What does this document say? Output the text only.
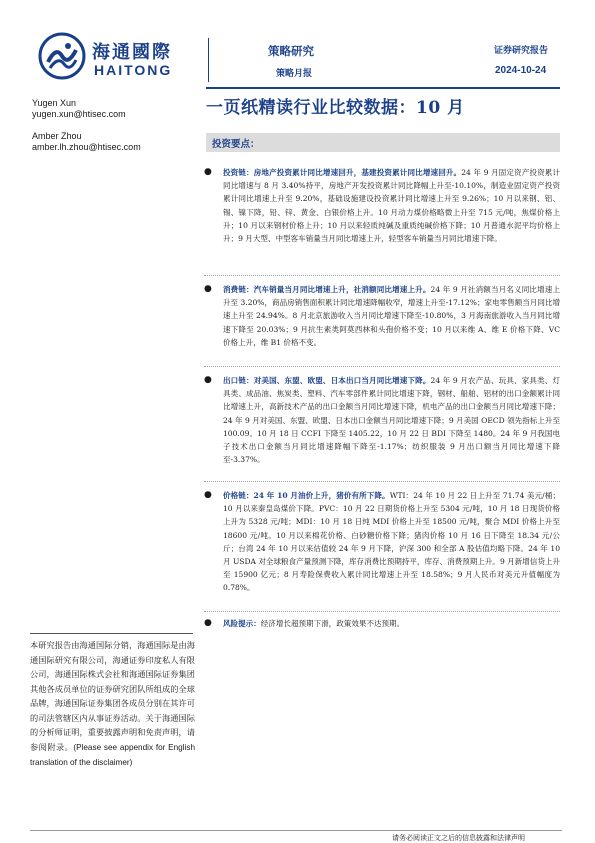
海通國際
HAITONG
策略研究
策略月报
证券研究报告
2024-10-24
Yugen Xun
yugen.xun@htisec.com
Amber Zhou
amber.lh.zhou@htisec.com
一页纸精读行业比较数据：10 月
投资要点：
● 投资链：房地产投资累计同比增速回升，基建投资累计同比增速回升。24 年 9 月固定资产投资累计同比增速与 8 月 3.40%持平，房地产开发投资累计同比降幅上升至-10.10%，制造业固定资产投资累计同比增速上升至 9.20%，基础设施建设投资累计同比增速上升至 9.26%；10 月以来钢、铝、锡、镍下降，铅、锌、黄金、白银价格上升。10 月动力煤价格略微上升至 715 元/吨，焦煤价格上升；10 月以来钢材价格上升；10 月以来轻质纯碱及重质纯碱价格下降；10 月普通水泥平均价格上升；9 月大型、中型客车销量当月同比增速上升，轻型客车销量当月同比增速下降。
● 消费链：汽车销量当月同比增速上升，社消额同比增速上升。24 年 9 月社消额当月名义同比增速上升至 3.20%，商品房销售面积累计同比增速降幅收窄，增速上升至-17.12%；家电零售额当月同比增速上升至 24.94%。8 月北京旅游收入当月同比增速下降至-10.80%，3 月海南旅游收入当月同比增速下降至 20.03%；9 月抗生素类阿莫西林和头孢价格不变；10 月以来维 A、维 E 价格下降、VC 价格上升，维 B1 价格不变。
● 出口链：对美国、东盟、欧盟、日本出口当月同比增速下降。24 年 9 月农产品、玩具、家具类、灯具类、成品油、焦炭类、塑料、汽车零部件累计同比增速下降，钢材、船舶、铝材的出口金额累计同比增速上升，高新技术产品的出口金额当月同比增速下降，机电产品的出口金额当月同比增速下降；24 年 9 月对美国、东盟、欧盟、日本出口金额当月同比增速下降；9 月美国 OECD 领先指标上升至 100.09。10 月 18 日 CCFI 下降至 1405.22，10 月 22 日 BDI 下降至 1480。24 年 9 月我国电子技术出口金额当月同比增速降幅下降至-1.17%；纺织服装 9 月出口额当月同比增速下降至-3.37%。
● 价格链：24 年 10 月油价上升，猪价有所下降。WTI：24 年 10 月 22 日上升至 71.74 美元/桶；10 月以来秦皇岛煤价下降。PVC：10 月 22 日期货价格上升至 5304 元/吨，10 月 18 日现货价格上升为 5328 元/吨；MDI：10 月 18 日纯 MDI 价格上升至 18500 元/吨，聚合 MDI 价格上升至 18600 元/吨。10 月以来棉花价格、白砂糖价格下降；猪肉价格 10 月 16 日下降至 18.34 元/公斤；台湾 24 年 10 月以来估值较 24 年 9 月下降，沪深 300 和全部 A 股估值均略下降。24 年 10 月 USDA 对全球粮食产量预测下降，库存消费比预期持平，库存、消费预期上升。9 月新增信贷上升至 15900 亿元；8 月寿险保费收入累计同比增速上升至 18.58%；9 月人民币对美元升值幅度为 0.78%。
● 风险提示：经济增长超预期下滑，政策效果不达预期。
本研究报告由海通国际分销，海通国际是由海通国际研究有限公司，海通证券印度私人有限公司，海通国际株式会社和海通国际证券集团其他各成员单位的证券研究团队所组成的全球品牌，海通国际证券集团各成员分别在其许可的司法管辖区内从事证券活动。关于海通国际的分析师证明，重要披露声明和免责声明，请参阅附录。(Please see appendix for English translation of the disclaimer)
请务必阅读正文之后的信息披露和法律声明
